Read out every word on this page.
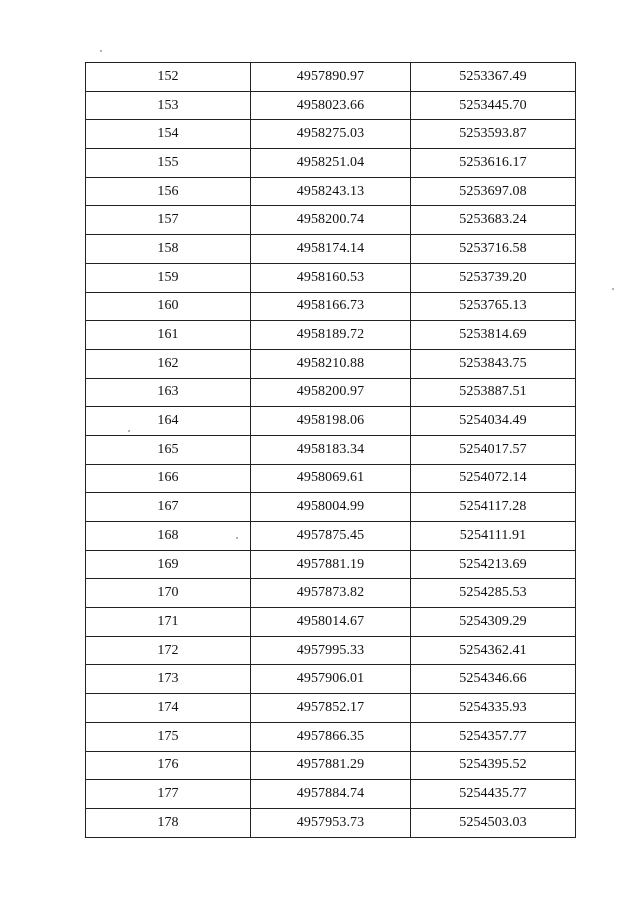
152	4957890.97	5253367.49
153	4958023.66	5253445.70
154	4958275.03	5253593.87
155	4958251.04	5253616.17
156	4958243.13	5253697.08
157	4958200.74	5253683.24
158	4958174.14	5253716.58
159	4958160.53	5253739.20
160	4958166.73	5253765.13
161	4958189.72	5253814.69
162	4958210.88	5253843.75
163	4958200.97	5253887.51
164	4958198.06	5254034.49
165	4958183.34	5254017.57
166	4958069.61	5254072.14
167	4958004.99	5254117.28
168	4957875.45	5254111.91
169	4957881.19	5254213.69
170	4957873.82	5254285.53
171	4958014.67	5254309.29
172	4957995.33	5254362.41
173	4957906.01	5254346.66
174	4957852.17	5254335.93
175	4957866.35	5254357.77
176	4957881.29	5254395.52
177	4957884.74	5254435.77
178	4957953.73	5254503.03
